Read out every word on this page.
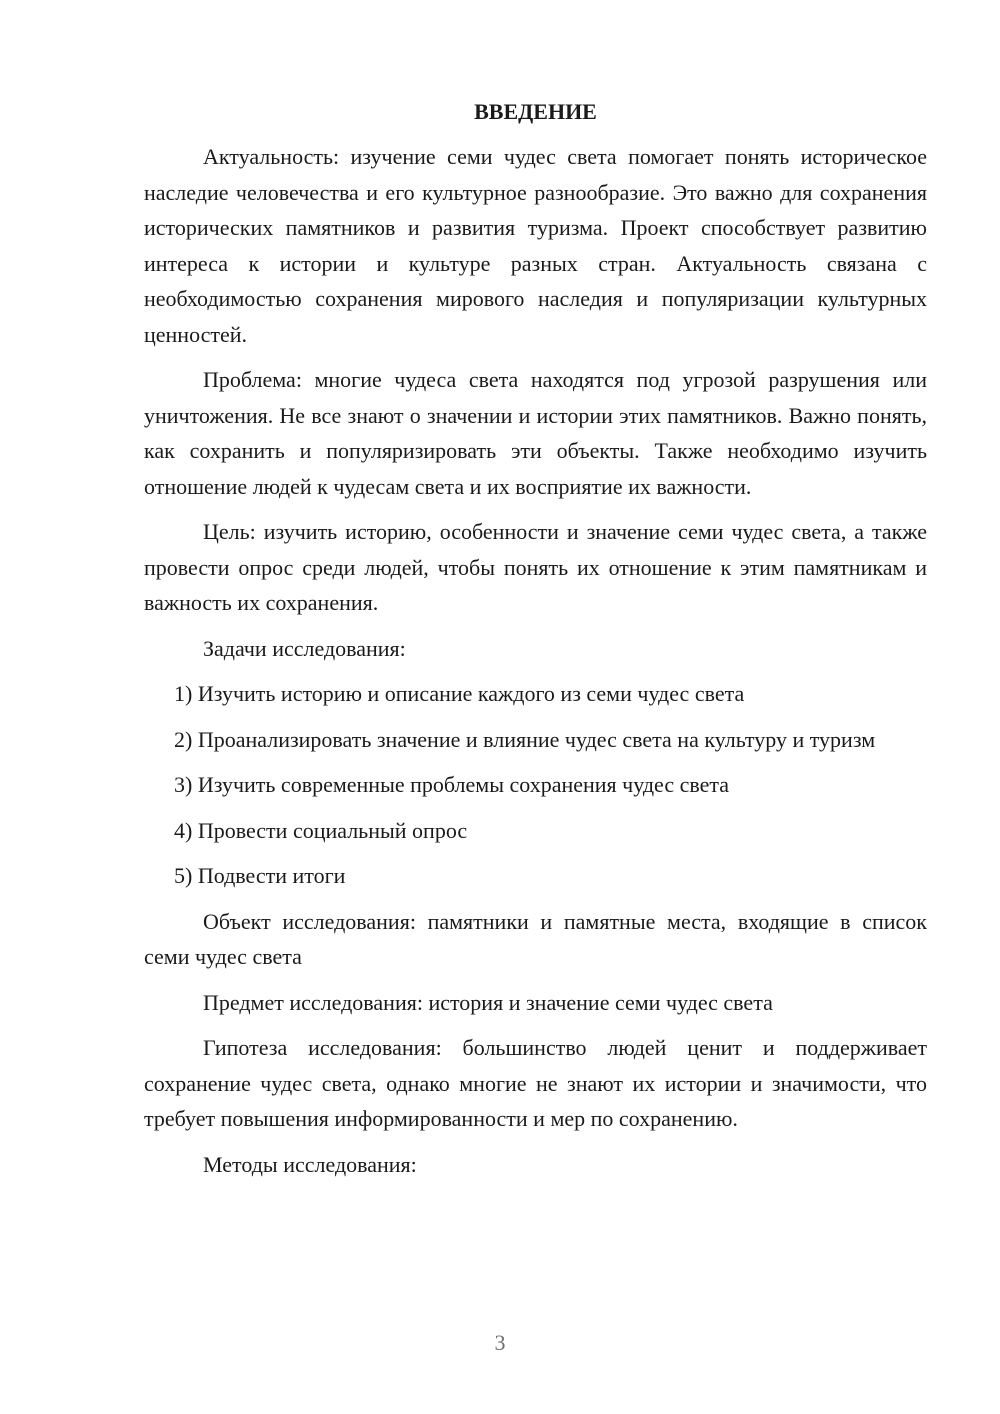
ВВЕДЕНИЕ

Актуальность: изучение семи чудес света помогает понять историческое наследие человечества и его культурное разнообразие. Это важно для сохранения исторических памятников и развития туризма. Проект способствует развитию интереса к истории и культуре разных стран. Актуальность связана с необходимостью сохранения мирового наследия и популяризации культурных ценностей.

Проблема: многие чудеса света находятся под угрозой разрушения или уничтожения. Не все знают о значении и истории этих памятников. Важно понять, как сохранить и популяризировать эти объекты. Также необходимо изучить отношение людей к чудесам света и их восприятие их важности.

Цель: изучить историю, особенности и значение семи чудес света, а также провести опрос среди людей, чтобы понять их отношение к этим памятникам и важность их сохранения.

Задачи исследования:

1) Изучить историю и описание каждого из семи чудес света

2) Проанализировать значение и влияние чудес света на культуру и туризм

3) Изучить современные проблемы сохранения чудес света

4) Провести социальный опрос

5) Подвести итоги

Объект исследования: памятники и памятные места, входящие в список семи чудес света

Предмет исследования: история и значение семи чудес света

Гипотеза исследования: большинство людей ценит и поддерживает сохранение чудес света, однако многие не знают их истории и значимости, что требует повышения информированности и мер по сохранению.

Методы исследования:

3
